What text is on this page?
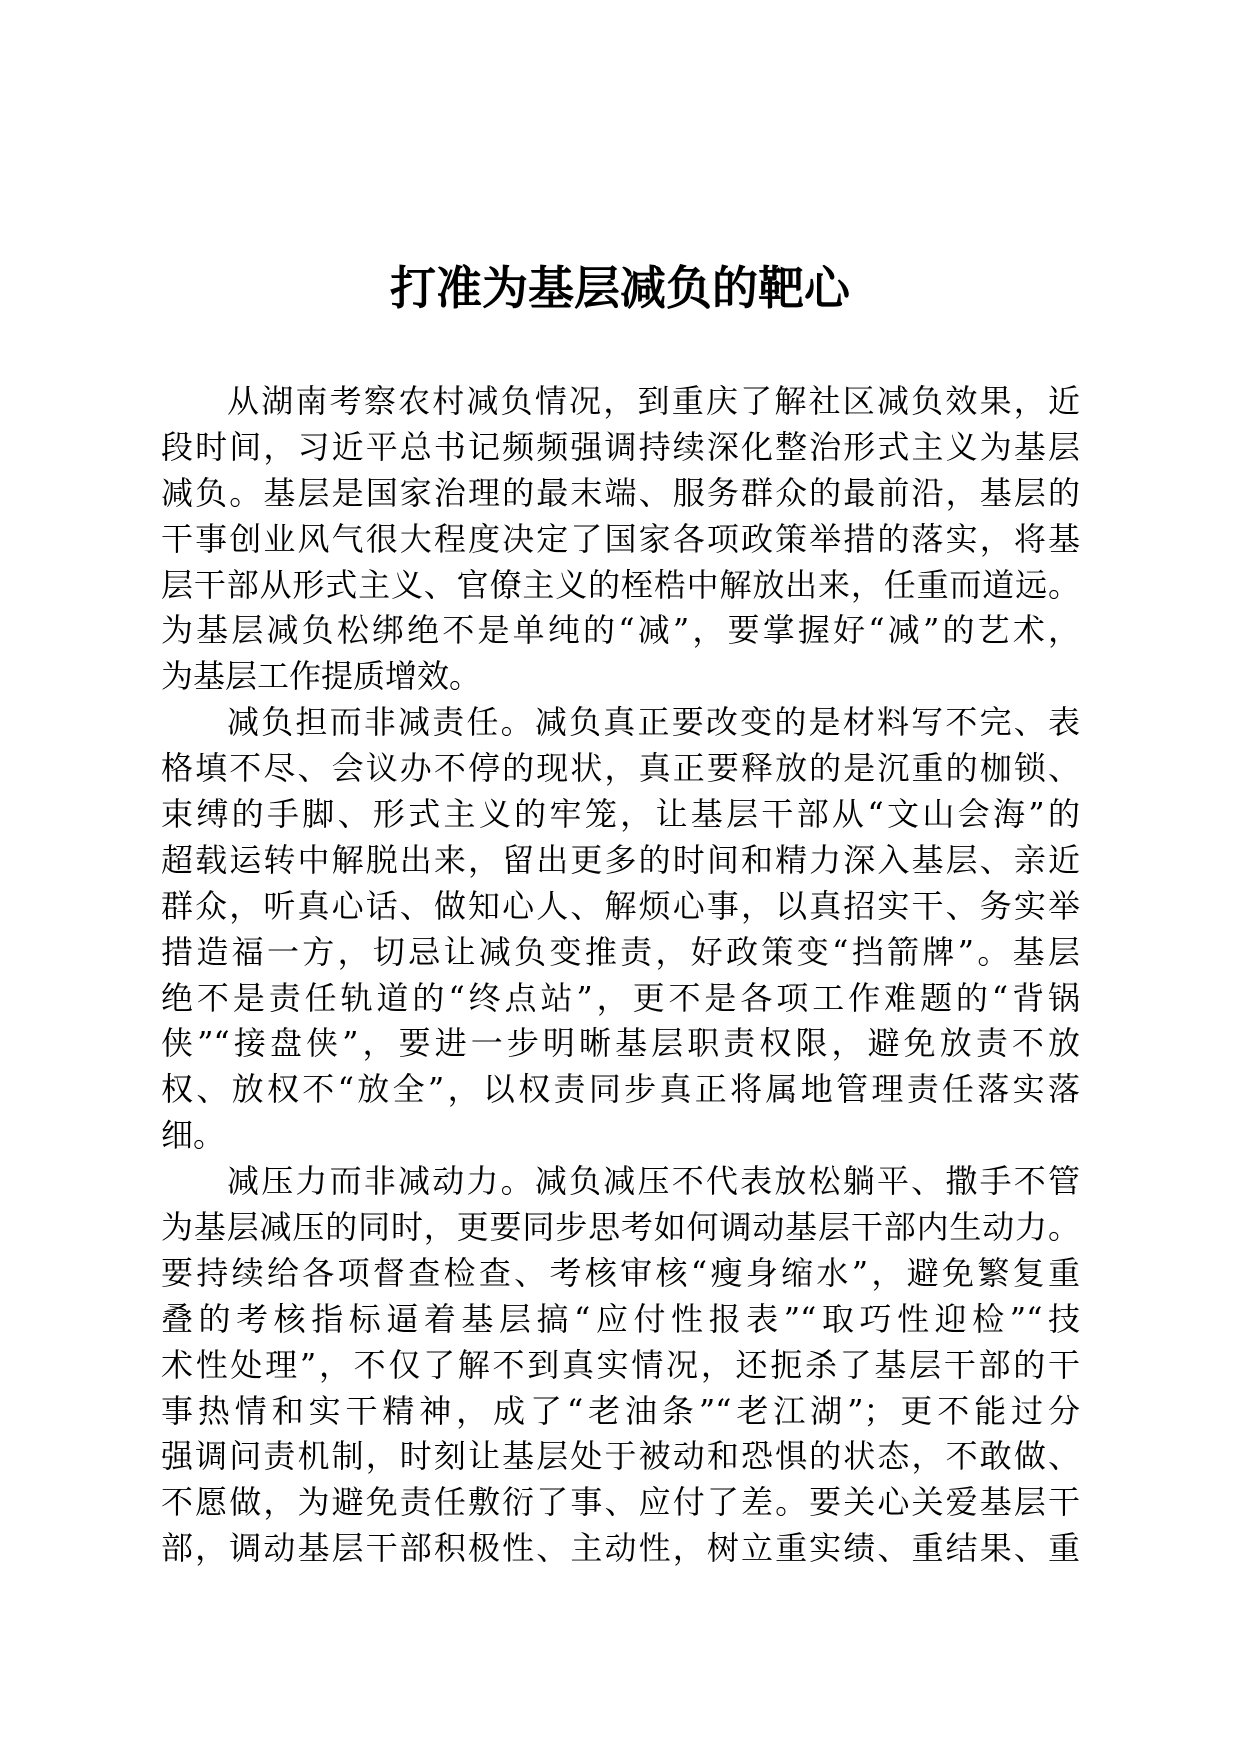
打准为基层减负的靶心
从湖南考察农村减负情况，到重庆了解社区减负效果，近
段时间，习近平总书记频频强调持续深化整治形式主义为基层
减负。基层是国家治理的最末端、服务群众的最前沿，基层的
干事创业风气很大程度决定了国家各项政策举措的落实，将基
层干部从形式主义、官僚主义的桎梏中解放出来，任重而道远。
为基层减负松绑绝不是单纯的“减”，要掌握好“减”的艺术，
为基层工作提质增效。
减负担而非减责任。减负真正要改变的是材料写不完、表
格填不尽、会议办不停的现状，真正要释放的是沉重的枷锁、
束缚的手脚、形式主义的牢笼，让基层干部从“文山会海”的
超载运转中解脱出来，留出更多的时间和精力深入基层、亲近
群众，听真心话、做知心人、解烦心事，以真招实干、务实举
措造福一方，切忌让减负变推责，好政策变“挡箭牌”。基层
绝不是责任轨道的“终点站”，更不是各项工作难题的“背锅
侠”“接盘侠”，要进一步明晰基层职责权限，避免放责不放
权、放权不“放全”，以权责同步真正将属地管理责任落实落
细。
减压力而非减动力。减负减压不代表放松躺平、撒手不管
为基层减压的同时，更要同步思考如何调动基层干部内生动力。
要持续给各项督查检查、考核审核“瘦身缩水”，避免繁复重
叠的考核指标逼着基层搞“应付性报表”“取巧性迎检”“技
术性处理”，不仅了解不到真实情况，还扼杀了基层干部的干
事热情和实干精神，成了“老油条”“老江湖”；更不能过分
强调问责机制，时刻让基层处于被动和恐惧的状态，不敢做、
不愿做，为避免责任敷衍了事、应付了差。要关心关爱基层干
部，调动基层干部积极性、主动性，树立重实绩、重结果、重
